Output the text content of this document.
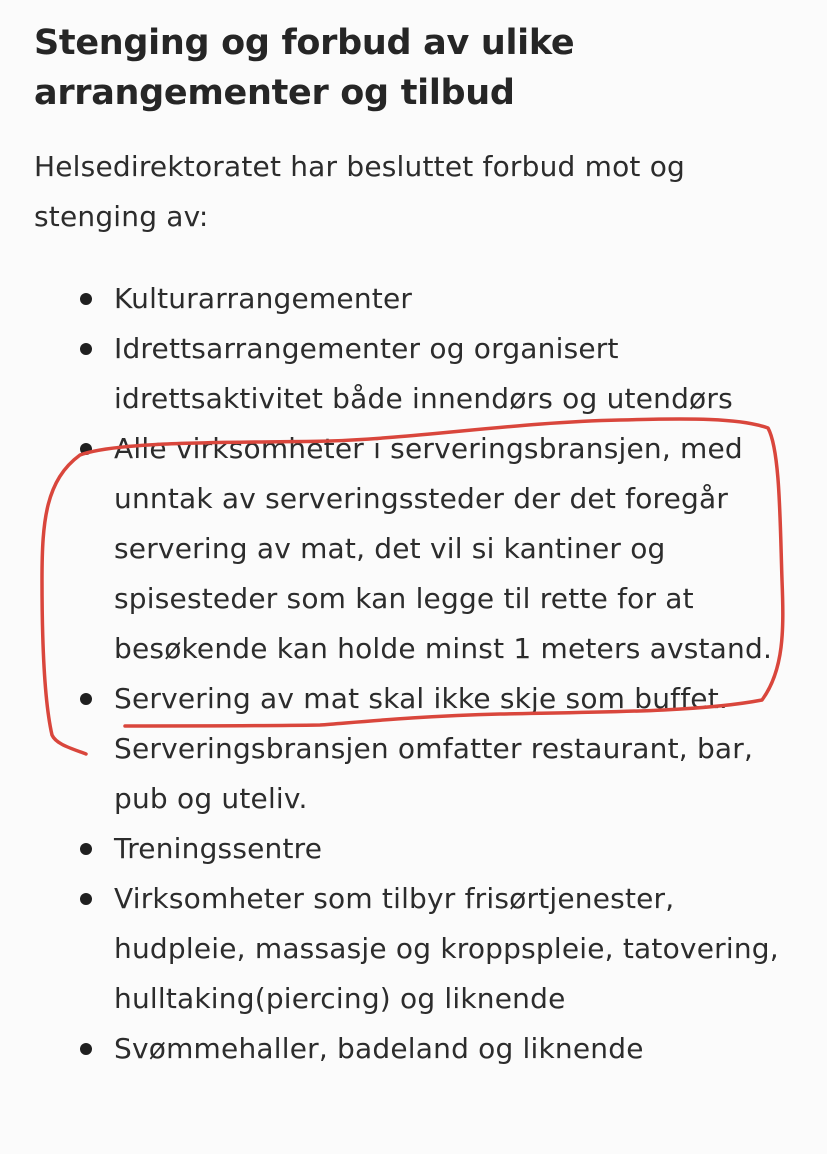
Stenging og forbud av ulike arrangementer og tilbud

Helsedirektoratet har besluttet forbud mot og stenging av:

Kulturarrangementer
Idrettsarrangementer og organisert idrettsaktivitet både innendørs og utendørs
Alle virksomheter i serveringsbransjen, med unntak av serveringssteder der det foregår servering av mat, det vil si kantiner og spisesteder som kan legge til rette for at besøkende kan holde minst 1 meters avstand.
Servering av mat skal ikke skje som buffet. Serveringsbransjen omfatter restaurant, bar, pub og uteliv.
Treningssentre
Virksomheter som tilbyr frisørtjenester, hudpleie, massasje og kroppspleie, tatovering, hulltaking(piercing) og liknende
Svømmehaller, badeland og liknende
